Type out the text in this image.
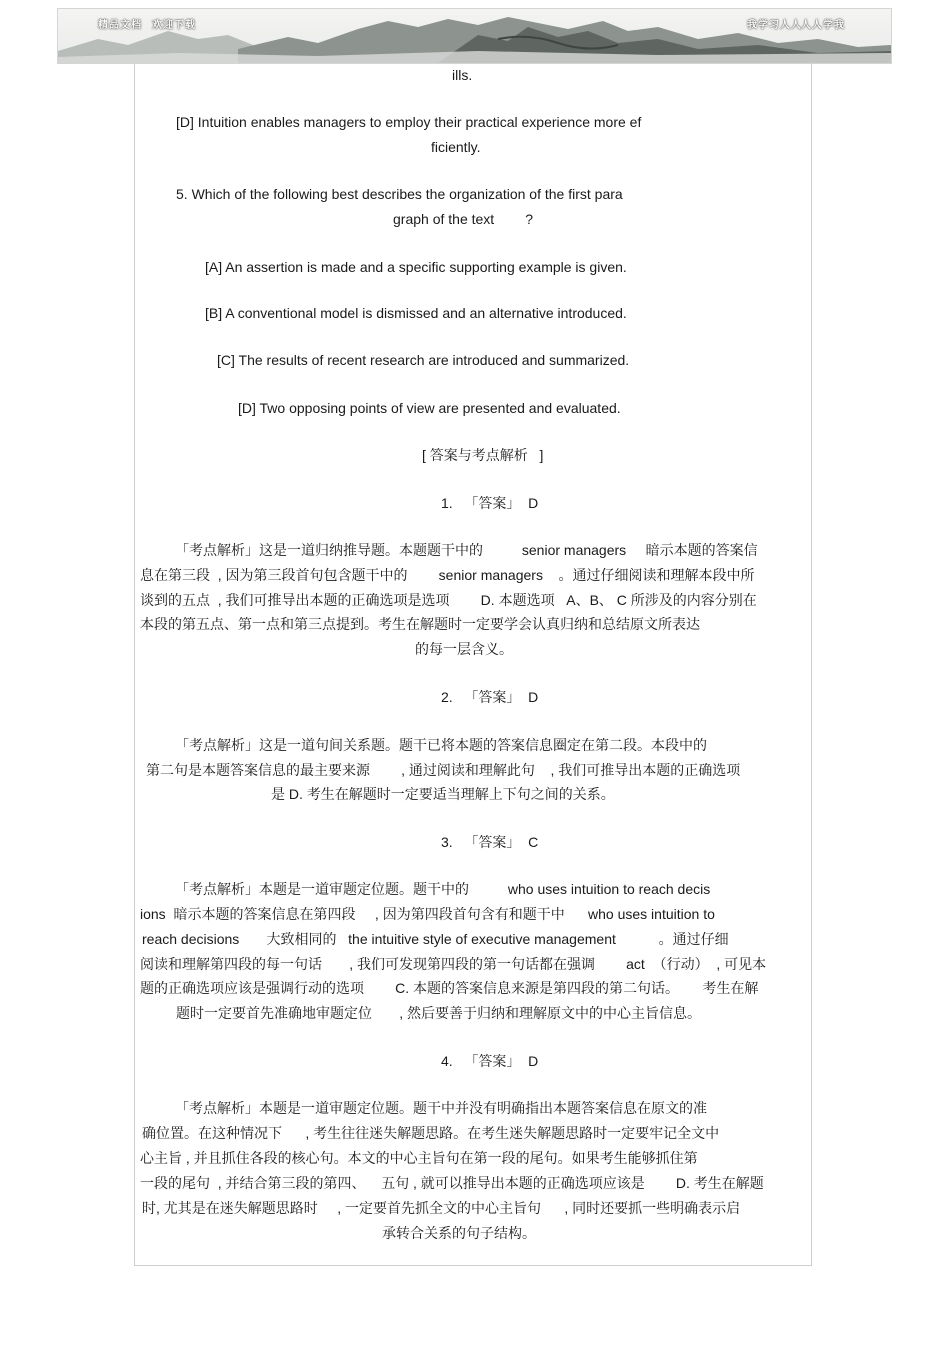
精品文档 欢迎下载	我学习人人 人人学我
ills.
[D] Intuition enables managers to employ their practical experience more ef
ficiently.
5. Which of the following best describes the organization of the first para
graph of the text        ?
[A] An assertion is made and a specific supporting example is given.
[B] A conventional model is dismissed and an alternative introduced.
[C] The results of recent research are introduced and summarized.
[D] Two opposing points of view are presented and evaluated.
[ 答案与考点解析   ]
1.   「答案」  D
「考点解析」这是一道归纳推导题。本题题干中的          senior managers     暗示本题的答案信
息在第三段  , 因为第三段首句包含题干中的        senior managers    。通过仔细阅读和理解本段中所
谈到的五点  , 我们可推导出本题的正确选项是选项        D. 本题选项   A、B、 C 所涉及的内容分别在
本段的第五点、第一点和第三点提到。考生在解题时一定要学会认真归纳和总结原文所表达
的每一层含义。
2.   「答案」  D
「考点解析」这是一道句间关系题。题干已将本题的答案信息圈定在第二段。本段中的
第二句是本题答案信息的最主要来源        , 通过阅读和理解此句    , 我们可推导出本题的正确选项
是 D. 考生在解题时一定要适当理解上下句之间的关系。
3.   「答案」  C
「考点解析」本题是一道审题定位题。题干中的          who uses intuition to reach decis
ions  暗示本题的答案信息在第四段     , 因为第四段首句含有和题干中      who uses intuition to
reach decisions       大致相同的   the intuitive style of executive management           。通过仔细
阅读和理解第四段的每一句话       , 我们可发现第四段的第一句话都在强调        act  （行动）  , 可见本
题的正确选项应该是强调行动的选项        C. 本题的答案信息来源是第四段的第二句话。      考生在解
题时一定要首先准确地审题定位       , 然后要善于归纳和理解原文中的中心主旨信息。
4.   「答案」  D
「考点解析」本题是一道审题定位题。题干中并没有明确指出本题答案信息在原文的准
确位置。在这种情况下      , 考生往往迷失解题思路。在考生迷失解题思路时一定要牢记全文中
心主旨 , 并且抓住各段的核心句。本文的中心主旨句在第一段的尾句。如果考生能够抓住第
一段的尾句  , 并结合第三段的第四、    五句 , 就可以推导出本题的正确选项应该是        D. 考生在解题
时, 尤其是在迷失解题思路时     , 一定要首先抓全文的中心主旨句      , 同时还要抓一些明确表示启
承转合关系的句子结构。
